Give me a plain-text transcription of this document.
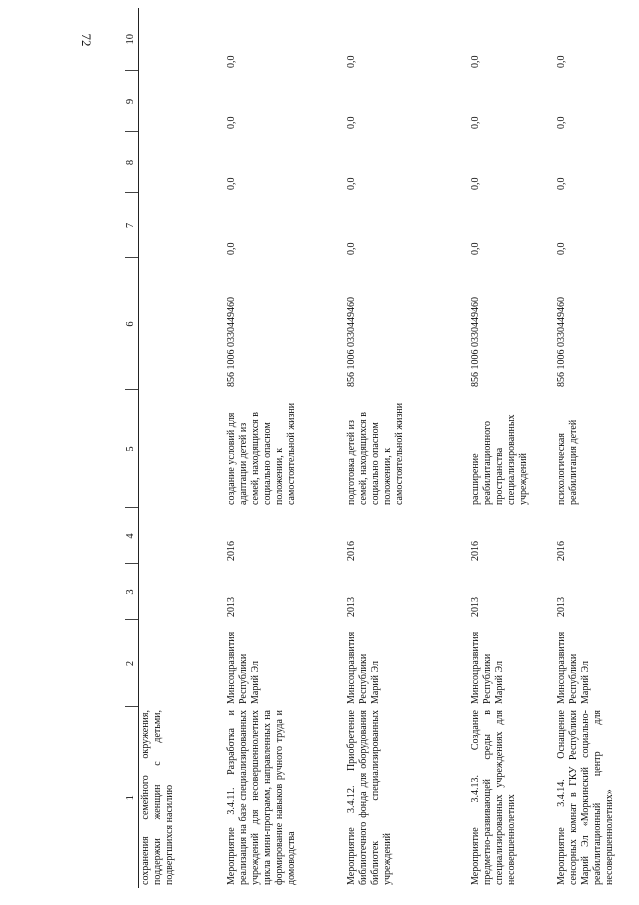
72
1	2	3	4	5	6	7	8	9	10
сохранения семейного окружения, поддержки женщин с детьми, подвергшихся насилию									
Мероприятие 3.4.11. Разработка и реализация на базе специализированных учреждений для несовершеннолетних цикла мини-программ, направленных на формирование навыков ручного труда и домоводства	Минсоцразвития Республики Марий Эл	2013	2016	создание условий для адаптации детей из семей, находящихся в социально опасном положении, к самостоятельной жизни	856 1006 0330449460	0,0	0,0	0,0	0,0
Мероприятие 3.4.12. Приобретение библиотечного фонда для оборудования библиотек специализированных учреждений	Минсоцразвития Республики Марий Эл	2013	2016	подготовка детей из семей, находящихся в социально опасном положении, к самостоятельной жизни	856 1006 0330449460	0,0	0,0	0,0	0,0
Мероприятие 3.4.13. Создание предметно-развивающей среды в специализированных учреждениях для несовершеннолетних	Минсоцразвития Республики Марий Эл	2013	2016	расширение реабилитационного пространства специализированных учреждений	856 1006 0330449460	0,0	0,0	0,0	0,0
Мероприятие 3.4.14. Оснащение сенсорных комнат в ГКУ Республики Марий Эл «Моркинский социально-реабилитационный центр для несовершеннолетних»	Минсоцразвития Республики Марий Эл	2013	2016	психологическая реабилитация детей	856 1006 0330449460	0,0	0,0	0,0	0,0
